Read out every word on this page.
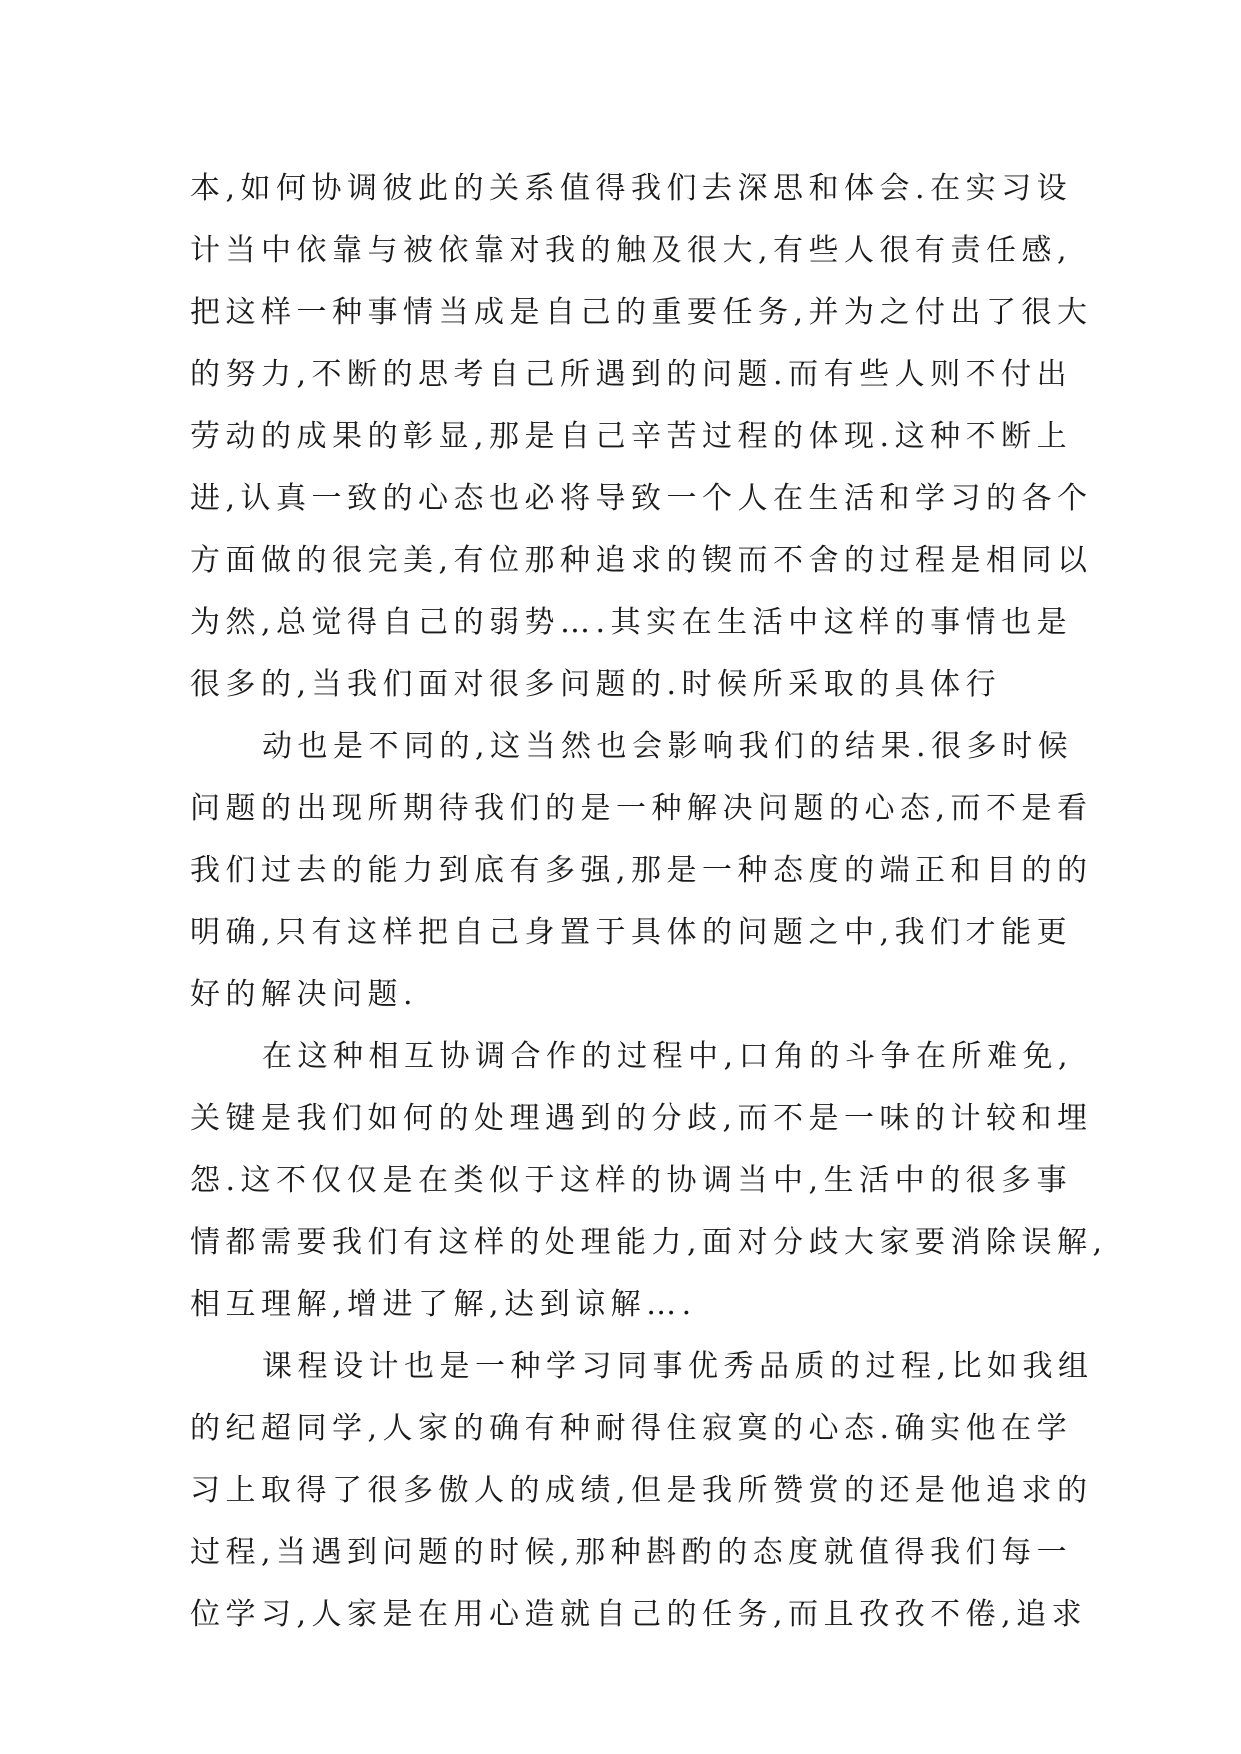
本,如何协调彼此的关系值得我们去深思和体会.在实习设
计当中依靠与被依靠对我的触及很大,有些人很有责任感,
把这样一种事情当成是自己的重要任务,并为之付出了很大
的努力,不断的思考自己所遇到的问题.而有些人则不付出
劳动的成果的彰显,那是自己辛苦过程的体现.这种不断上
进,认真一致的心态也必将导致一个人在生活和学习的各个
方面做的很完美,有位那种追求的锲而不舍的过程是相同以
为然,总觉得自己的弱势….其实在生活中这样的事情也是
很多的,当我们面对很多问题的.时候所采取的具体行
动也是不同的,这当然也会影响我们的结果.很多时候
问题的出现所期待我们的是一种解决问题的心态,而不是看
我们过去的能力到底有多强,那是一种态度的端正和目的的
明确,只有这样把自己身置于具体的问题之中,我们才能更
好的解决问题.
在这种相互协调合作的过程中,口角的斗争在所难免,
关键是我们如何的处理遇到的分歧,而不是一味的计较和埋
怨.这不仅仅是在类似于这样的协调当中,生活中的很多事
情都需要我们有这样的处理能力,面对分歧大家要消除误解,
相互理解,增进了解,达到谅解….
课程设计也是一种学习同事优秀品质的过程,比如我组
的纪超同学,人家的确有种耐得住寂寞的心态.确实他在学
习上取得了很多傲人的成绩,但是我所赞赏的还是他追求的
过程,当遇到问题的时候,那种斟酌的态度就值得我们每一
位学习,人家是在用心造就自己的任务,而且孜孜不倦,追求
